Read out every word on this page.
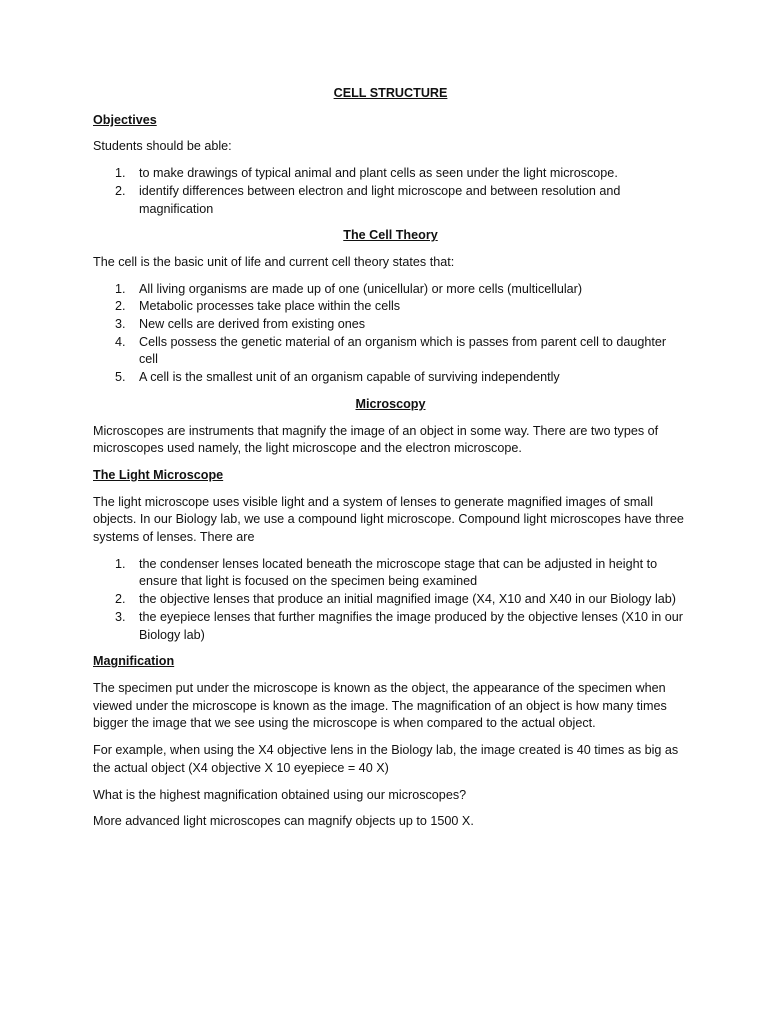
CELL STRUCTURE
Objectives

Students should be able:

1. to make drawings of typical animal and plant cells as seen under the light microscope.
2. identify differences between electron and light microscope and between resolution and magnification
The Cell Theory

The cell is the basic unit of life and current cell theory states that:

1. All living organisms are made up of one (unicellular) or more cells (multicellular)
2. Metabolic processes take place within the cells
3. New cells are derived from existing ones
4. Cells possess the genetic material of an organism which is passes from parent cell to daughter cell
5. A cell is the smallest unit of an organism capable of surviving independently
Microscopy

Microscopes are instruments that magnify the image of an object in some way. There are two types of microscopes used namely, the light microscope and the electron microscope.

The Light Microscope

The light microscope uses visible light and a system of lenses to generate magnified images of small objects. In our Biology lab, we use a compound light microscope. Compound light microscopes have three systems of lenses. There are

1. the condenser lenses located beneath the microscope stage that can be adjusted in height to ensure that light is focused on the specimen being examined
2. the objective lenses that produce an initial magnified image (X4, X10 and X40 in our Biology lab)
3. the eyepiece lenses that further magnifies the image produced by the objective lenses (X10 in our Biology lab)
Magnification

The specimen put under the microscope is known as the object, the appearance of the specimen when viewed under the microscope is known as the image. The magnification of an object is how many times bigger the image that we see using the microscope is when compared to the actual object.

For example, when using the X4 objective lens in the Biology lab, the image created is 40 times as big as the actual object (X4 objective X 10 eyepiece = 40 X)

What is the highest magnification obtained using our microscopes?

More advanced light microscopes can magnify objects up to 1500 X.
